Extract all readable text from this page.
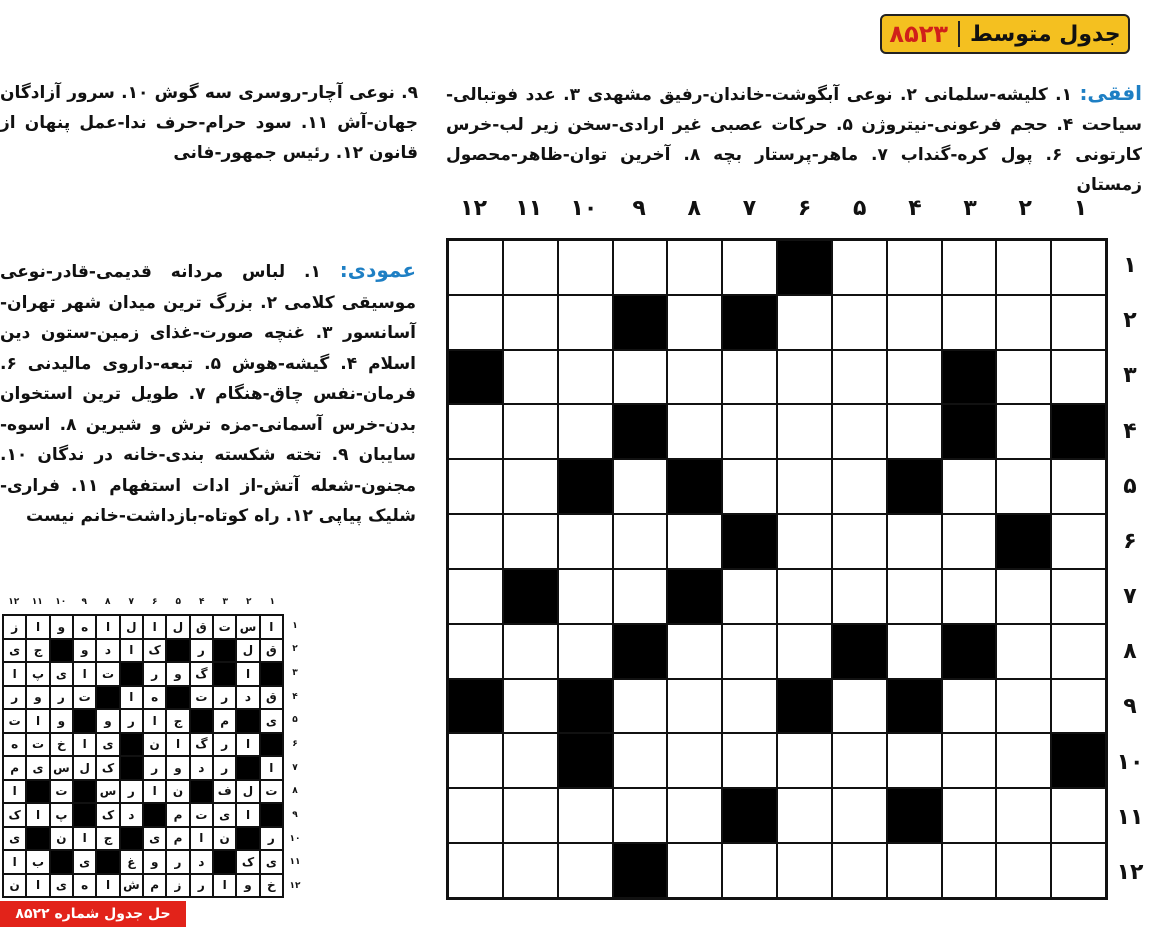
جدول متوسط
۸۵۲۳
افقی: ۱. کلیشه-سلمانی ۲. نوعی آبگوشت-خاندان-رفیق مشهدی ۳. عدد فوتبالی-سیاحت ۴. حجم فرعونی-نیتروژن ۵. حرکات عصبی غیر ارادی-سخن زیر لب-خرس کارتونی ۶. پول کره-گنداب ۷. ماهر-پرستار بچه ۸. آخرین توان-ظاهر-محصول زمستان
۹. نوعی آچار-روسری سه گوش ۱۰. سرور آزادگان جهان-آش ۱۱. سود حرام-حرف ندا-عمل پنهان از قانون ۱۲. رئیس جمهور-فانی
عمودی: ۱. لباس مردانه قدیمی-قادر-نوعی موسیقی کلامی ۲. بزرگ ترین میدان شهر تهران-آسانسور ۳. غنچه صورت-غذای زمین-ستون دین اسلام ۴. گیشه-هوش ۵. تبعه-داروی مالیدنی ۶. فرمان-نفس چاق-هنگام ۷. طویل ترین استخوان بدن-خرس آسمانی-مزه ترش و شیرین ۸. اسوه-سایبان ۹. تخته شکسته بندی-خانه در ندگان ۱۰. مجنون-شعله آتش-از ادات استفهام ۱۱. فراری-شلیک پیاپی ۱۲. راه کوتاه-بازداشت-خانم نیست
۱
۲
۳
۴
۵
۶
۷
۸
۹
۱۰
۱۱
۱۲
۱
۲
۳
۴
۵
۶
۷
۸
۹
۱۰
۱۱
۱۲
۱
۲
۳
۴
۵
۶
۷
۸
۹
۱۰
۱۱
۱۲
ا
س
ت
ق
ل
ا
ل
ا
ه
و
ا
ز
ق
ل
ر
ک
ا
د
و
ج
ی
ا
گ
و
ر
ت
ا
ی
پ
ا
ق
د
ر
ت
ه
ا
ت
ر
و
ر
ی
م
ج
ا
ر
و
و
ا
ت
ا
ر
گ
ا
ن
ی
ا
خ
ت
ه
ا
ر
د
و
ر
ک
ل
س
ی
م
ت
ل
ف
ن
ا
ر
س
ت
ا
ا
ی
ت
م
د
ک
پ
ا
ک
ر
ن
ا
م
ی
ج
ا
ن
ی
ی
ک
د
ر
و
غ
ی
ب
ا
خ
و
ا
ر
ز
م
ش
ا
ه
ی
ا
ن
۱
۲
۳
۴
۵
۶
۷
۸
۹
۱۰
۱۱
۱۲
حل جدول شماره ۸۵۲۲
